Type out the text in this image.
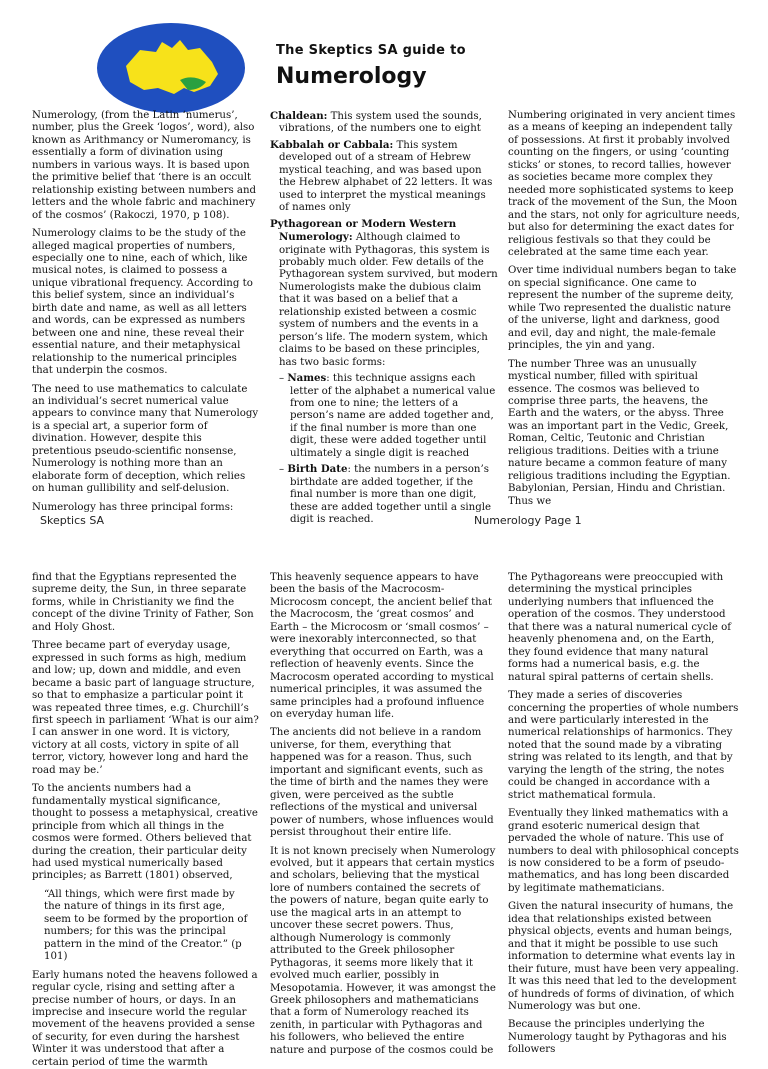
The Skeptics SA guide to
Numerology

Numerology, (from the Latin ‘numerus’, number, plus the Greek ‘logos’, word), also known as Arithmancy or Numeromancy, is essentially a form of divination using numbers in various ways. It is based upon the primitive belief that ‘there is an occult relationship existing between numbers and letters and the whole fabric and machinery of the cosmos’ (Rakoczi, 1970, p 108).

Numerology claims to be the study of the alleged magical properties of numbers, especially one to nine, each of which, like musical notes, is claimed to possess a unique vibrational frequency. According to this belief system, since an individual’s birth date and name, as well as all letters and words, can be expressed as numbers between one and nine, these reveal their essential nature, and their metaphysical relationship to the numerical principles that underpin the cosmos.

The need to use mathematics to calculate an individual’s secret numerical value appears to convince many that Numerology is a special art, a superior form of divination. However, despite this pretentious pseudo-scientific nonsense, Numerology is nothing more than an elaborate form of deception, which relies on human gullibility and self-delusion.

Numerology has three principal forms:

Chaldean: This system used the sounds, vibrations, of the numbers one to eight

Kabbalah or Cabbala: This system developed out of a stream of Hebrew mystical teaching, and was based upon the Hebrew alphabet of 22 letters. It was used to interpret the mystical meanings of names only

Pythagorean or Modern Western Numerology: Although claimed to originate with Pythagoras, this system is probably much older. Few details of the Pythagorean system survived, but modern Numerologists make the dubious claim that it was based on a belief that a relationship existed between a cosmic system of numbers and the events in a person’s life. The modern system, which claims to be based on these principles, has two basic forms:

– Names: this technique assigns each letter of the alphabet a numerical value from one to nine; the letters of a person’s name are added together and, if the final number is more than one digit, these were added together until ultimately a single digit is reached

– Birth Date: the numbers in a person’s birthdate are added together, if the final number is more than one digit, these are added together until a single digit is reached.

Numbering originated in very ancient times as a means of keeping an independent tally of possessions. At first it probably involved counting on the fingers, or using ‘counting sticks’ or stones, to record tallies, however as societies became more complex they needed more sophisticated systems to keep track of the movement of the Sun, the Moon and the stars, not only for agriculture needs, but also for determining the exact dates for religious festivals so that they could be celebrated at the same time each year.

Over time individual numbers began to take on special significance. One came to represent the number of the supreme deity, while Two represented the dualistic nature of the universe, light and darkness, good and evil, day and night, the male-female principles, the yin and yang.

The number Three was an unusually mystical number, filled with spiritual essence. The cosmos was believed to comprise three parts, the heavens, the Earth and the waters, or the abyss. Three was an important part in the Vedic, Greek, Roman, Celtic, Teutonic and Christian religious traditions. Deities with a triune nature became a common feature of many religious traditions including the Egyptian. Babylonian, Persian, Hindu and Christian. Thus we

Skeptics SA	Numerology Page 1

find that the Egyptians represented the supreme deity, the Sun, in three separate forms, while in Christianity we find the concept of the divine Trinity of Father, Son and Holy Ghost.

Three became part of everyday usage, expressed in such forms as high, medium and low; up, down and middle, and even became a basic part of language structure, so that to emphasize a particular point it was repeated three times, e.g. Churchill’s first speech in parliament ‘What is our aim? I can answer in one word. It is victory, victory at all costs, victory in spite of all terror, victory, however long and hard the road may be.’

To the ancients numbers had a fundamentally mystical significance, thought to possess a metaphysical, creative principle from which all things in the cosmos were formed. Others believed that during the creation, their particular deity had used mystical numerically based principles; as Barrett (1801) observed,

“All things, which were first made by the nature of things in its first age, seem to be formed by the proportion of numbers; for this was the principal pattern in the mind of the Creator.” (p 101)

Early humans noted the heavens followed a regular cycle, rising and setting after a precise number of hours, or days. In an imprecise and insecure world the regular movement of the heavens provided a sense of security, for even during the harshest Winter it was understood that after a certain period of time the warmth

This heavenly sequence appears to have been the basis of the Macrocosm-Microcosm concept, the ancient belief that the Macrocosm, the ‘great cosmos’ and Earth – the Microcosm or ‘small cosmos’ – were inexorably interconnected, so that everything that occurred on Earth, was a reflection of heavenly events. Since the Macrocosm operated according to mystical numerical principles, it was assumed the same principles had a profound influence on everyday human life.

The ancients did not believe in a random universe, for them, everything that happened was for a reason. Thus, such important and significant events, such as the time of birth and the names they were given, were perceived as the subtle reflections of the mystical and universal power of numbers, whose influences would persist throughout their entire life.

It is not known precisely when Numerology evolved, but it appears that certain mystics and scholars, believing that the mystical lore of numbers contained the secrets of the powers of nature, began quite early to use the magical arts in an attempt to uncover these secret powers. Thus, although Numerology is commonly attributed to the Greek philosopher Pythagoras, it seems more likely that it evolved much earlier, possibly in Mesopotamia. However, it was amongst the Greek philosophers and mathematicians that a form of Numerology reached its zenith, in particular with Pythagoras and his followers, who believed the entire nature and purpose of the cosmos could be

The Pythagoreans were preoccupied with determining the mystical principles underlying numbers that influenced the operation of the cosmos. They understood that there was a natural numerical cycle of heavenly phenomena and, on the Earth, they found evidence that many natural forms had a numerical basis, e.g. the natural spiral patterns of certain shells.

They made a series of discoveries concerning the properties of whole numbers and were particularly interested in the numerical relationships of harmonics. They noted that the sound made by a vibrating string was related to its length, and that by varying the length of the string, the notes could be changed in accordance with a strict mathematical formula.

Eventually they linked mathematics with a grand esoteric numerical design that pervaded the whole of nature. This use of numbers to deal with philosophical concepts is now considered to be a form of pseudo-mathematics, and has long been discarded by legitimate mathematicians.

Given the natural insecurity of humans, the idea that relationships existed between physical objects, events and human beings, and that it might be possible to use such information to determine what events lay in their future, must have been very appealing. It was this need that led to the development of hundreds of forms of divination, of which Numerology was but one.

Because the principles underlying the Numerology taught by Pythagoras and his followers
